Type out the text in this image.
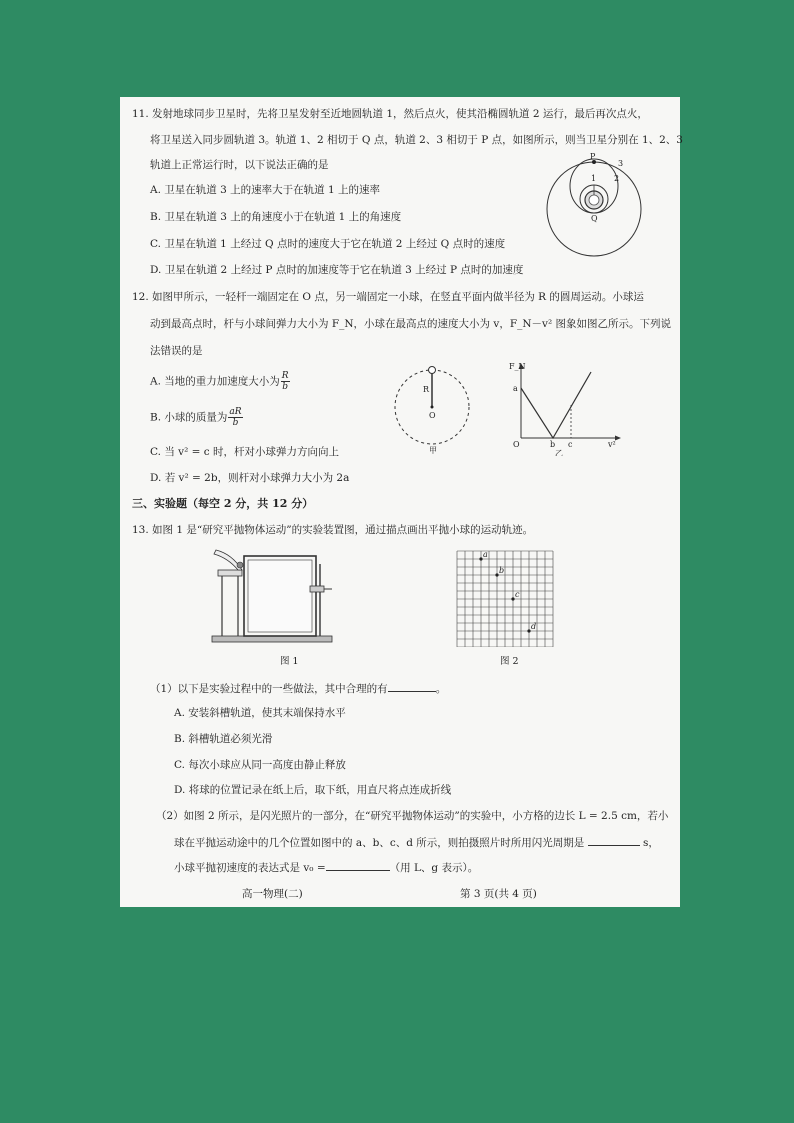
11. 发射地球同步卫星时，先将卫星发射至近地圆轨道 1，然后点火，使其沿椭圆轨道 2 运行，最后再次点火，
将卫星送入同步圆轨道 3。轨道 1、2 相切于 Q 点，轨道 2、3 相切于 P 点，如图所示，则当卫星分别在 1、2、3
轨道上正常运行时，以下说法正确的是
A. 卫星在轨道 3 上的速率大于在轨道 1 上的速率
B. 卫星在轨道 3 上的角速度小于在轨道 1 上的角速度
C. 卫星在轨道 1 上经过 Q 点时的速度大于它在轨道 2 上经过 Q 点时的速度
D. 卫星在轨道 2 上经过 P 点时的加速度等于它在轨道 3 上经过 P 点时的加速度
P
Q
1 2
3
12. 如图甲所示，一轻杆一端固定在 O 点，另一端固定一小球，在竖直平面内做半径为 R 的圆周运动。小球运
动到最高点时，杆与小球间弹力大小为 F_N，小球在最高点的速度大小为 v，F_N－v² 图象如图乙所示。下列说
法错误的是
A. 当地的重力加速度大小为 $\frac{R}{b}$
B. 小球的质量为 $\frac{aR}{b}$
C. 当 v² = c 时，杆对小球弹力方向向上
D. 若 v² = 2b，则杆对小球弹力大小为 2a
R
O
甲
F_N
a
O	b c	v²
乙
三、实验题（每空 2 分，共 12 分）
13. 如图 1 是“研究平抛物体运动”的实验装置图，通过描点画出平抛小球的运动轨迹。
图 1
a
b
c
d
图 2
（1）以下是实验过程中的一些做法，其中合理的有	。
A. 安装斜槽轨道，使其末端保持水平
B. 斜槽轨道必须光滑
C. 每次小球应从同一高度由静止释放
D. 将球的位置记录在纸上后，取下纸，用直尺将点连成折线
（2）如图 2 所示，是闪光照片的一部分，在“研究平抛物体运动”的实验中，小方格的边长 L = 2.5 cm，若小
球在平抛运动途中的几个位置如图中的 a、b、c、d 所示，则拍摄照片时所用闪光周期是	s，
小球平抛初速度的表达式是 v₀ =	（用 L、g 表示）。
高一物理(二)	第 3 页(共 4 页)
